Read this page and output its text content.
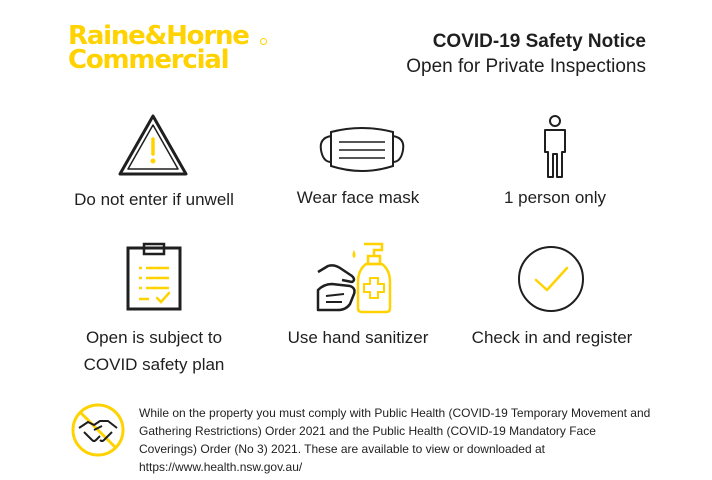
Raine&Horne
Commercial
COVID-19 Safety Notice
Open for Private Inspections
Do not enter if unwell	Wear face mask	1 person only
Open is subject to
COVID safety plan
Use hand sanitizer	Check in and register
While on the property you must comply with Public Health (COVID-19 Temporary Movement and Gathering Restrictions) Order 2021 and the Public Health (COVID-19 Mandatory Face Coverings) Order (No 3) 2021. These are available to view or downloaded at https://www.health.nsw.gov.au/
